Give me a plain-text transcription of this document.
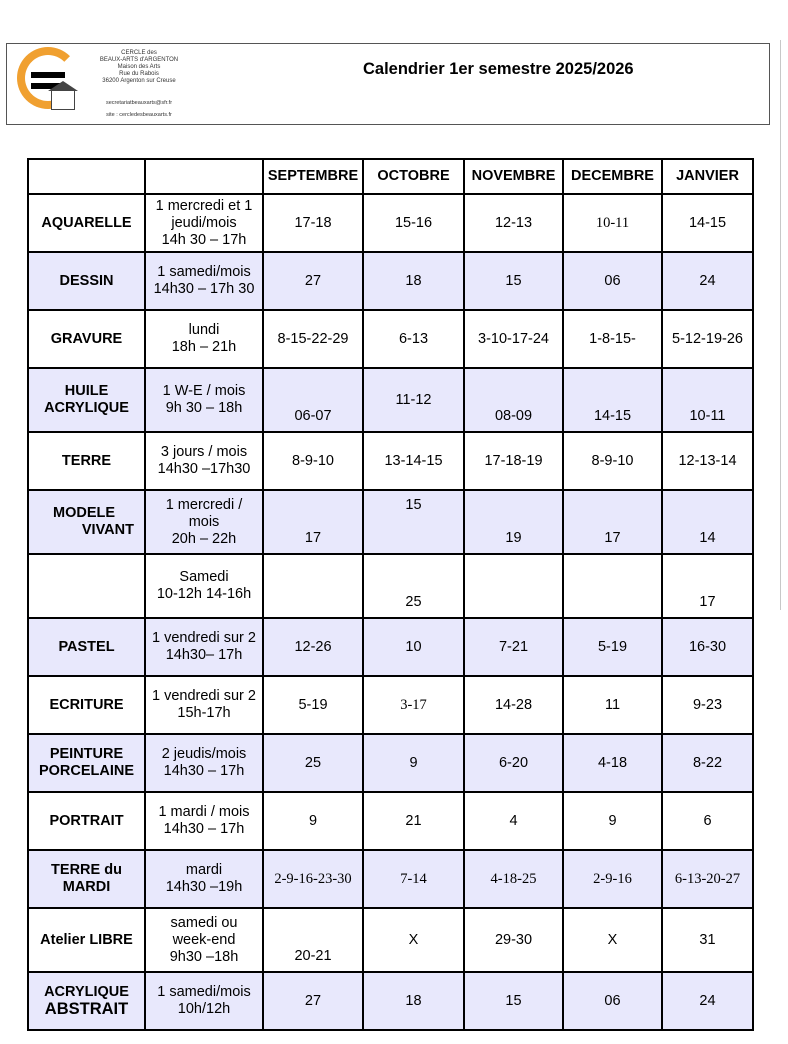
CERCLE des
BEAUX-ARTS d'ARGENTON
Maison des Arts
Rue du Rabois
36200 Argenton sur Creuse
secretariatbeauxarts@sfr.fr
site : cercledesbeauxarts.fr
Calendrier 1er semestre 2025/2026
		SEPTEMBRE	OCTOBRE	NOVEMBRE	DECEMBRE	JANVIER
AQUARELLE	1 mercredi et 1
jeudi/mois
14h 30 – 17h	17-18	15-16	12-13	10-11	14-15
DESSIN	1 samedi/mois
14h30 – 17h 30	27	18	15	06	24
GRAVURE	lundi
18h – 21h	8-15-22-29	6-13	3-10-17-24	1-8-15-	5-12-19-26

HUILE
ACRYLIQUE	1 W-E / mois
9h 30 – 18h	06-07	11-12	08-09	14-15	10-11
TERRE	3 jours / mois
14h30 –17h30	8-9-10	13-14-15	17-18-19	8-9-10	12-13-14

MODELE
VIVANT	1 mercredi /
mois
20h – 22h	17	15	19	17	14
	Samedi
10-12h 14-16h		25			17
PASTEL	1 vendredi sur 2
14h30– 17h	12-26	10	7-21	5-19	16-30
ECRITURE	1 vendredi sur 2
15h-17h	5-19	3-17	14-28	11	9-23

PEINTURE
PORCELAINE	2 jeudis/mois
14h30 – 17h	25	9	6-20	4-18	8-22
PORTRAIT	1 mardi / mois
14h30 – 17h	9	21	4	9	6

TERRE du
MARDI	mardi
14h30 –19h	2-9-16-23-30	7-14	4-18-25	2-9-16	6-13-20-27
Atelier LIBRE	samedi ou
week-end
9h30 –18h	20-21	X	29-30	X	31

ACRYLIQUE
ABSTRAIT	1 samedi/mois
10h/12h	27	18	15	06	24
